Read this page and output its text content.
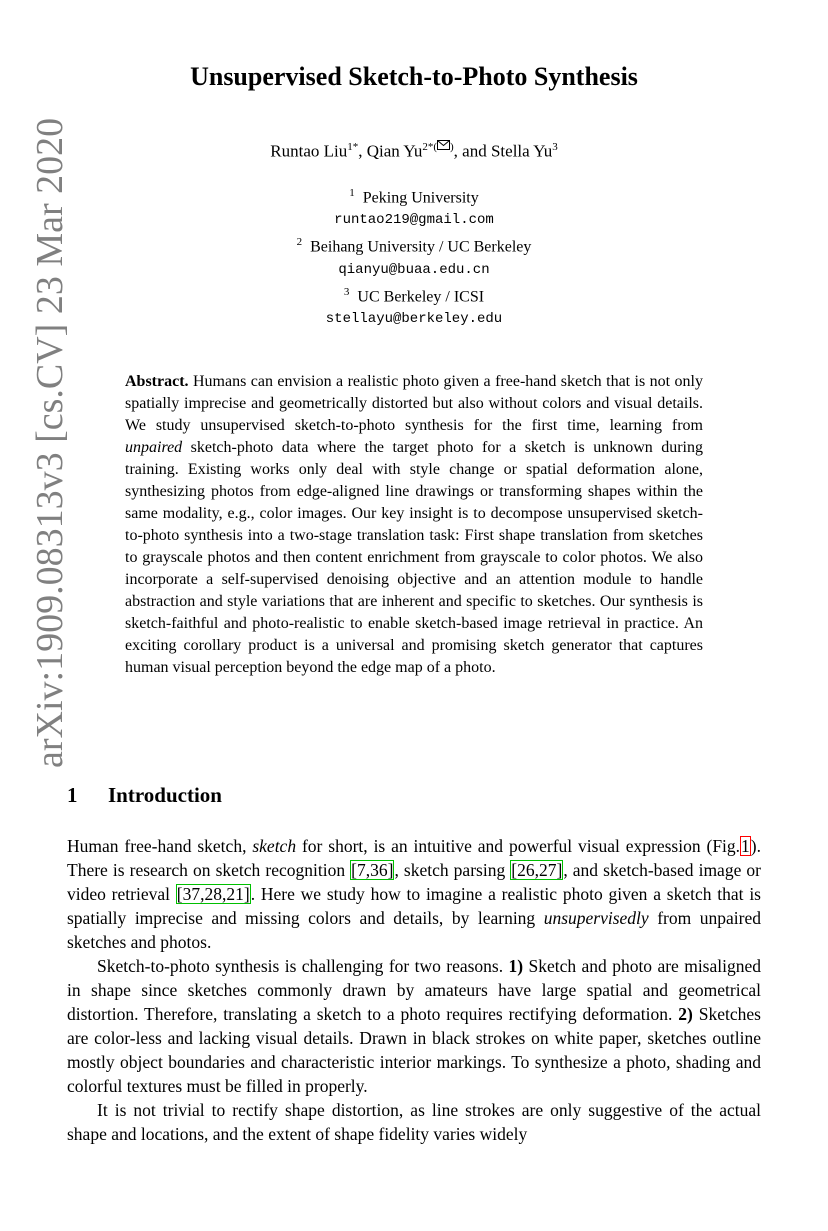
arXiv:1909.08313v3 [cs.CV] 23 Mar 2020
Unsupervised Sketch-to-Photo Synthesis
Runtao Liu$^{1*}$, Qian $Yu^{2*( )}$, and Stella Yu$^3$
$^1$ Peking University
runtao219@gmail.com
$^2$ Beihang University / UC Berkeley
qianyu@buaa.edu.cn
$^3$ UC Berkeley / ICSI
stellayu@berkeley.edu
Abstract. Humans can envision a realistic photo given a free-hand sketch that is not only spatially imprecise and geometrically distorted but also without colors and visual details. We study unsupervised sketch-to-photo synthesis for the first time, learning from unpaired sketch-photo data where the target photo for a sketch is unknown during training. Existing works only deal with style change or spatial deformation alone, synthesizing photos from edge-aligned line drawings or transforming shapes within the same modality, e.g., color images. Our key insight is to decompose unsupervised sketch-to-photo synthesis into a two-stage translation task: First shape translation from sketches to grayscale photos and then content enrichment from grayscale to color photos. We also incorporate a self-supervised denoising objective and an attention module to handle abstraction and style variations that are inherent and specific to sketches. Our synthesis is sketch-faithful and photo-realistic to enable sketch-based image retrieval in practice. An exciting corollary product is a universal and promising sketch generator that captures human visual perception beyond the edge map of a photo.
1 Introduction

Human free-hand sketch, sketch for short, is an intuitive and powerful visual expression (Fig.1). There is research on sketch recognition [7,36], sketch parsing [26,27], and sketch-based image or video retrieval [37,28,21]. Here we study how to imagine a realistic photo given a sketch that is spatially imprecise and missing colors and details, by learning unsupervisedly from unpaired sketches and photos.

Sketch-to-photo synthesis is challenging for two reasons. 1) Sketch and photo are misaligned in shape since sketches commonly drawn by amateurs have large spatial and geometrical distortion. Therefore, translating a sketch to a photo requires rectifying deformation. 2) Sketches are color-less and lacking visual details. Drawn in black strokes on white paper, sketches outline mostly object boundaries and characteristic interior markings. To synthesize a photo, shading and colorful textures must be filled in properly.

It is not trivial to rectify shape distortion, as line strokes are only suggestive of the actual shape and locations, and the extent of shape fidelity varies widely
